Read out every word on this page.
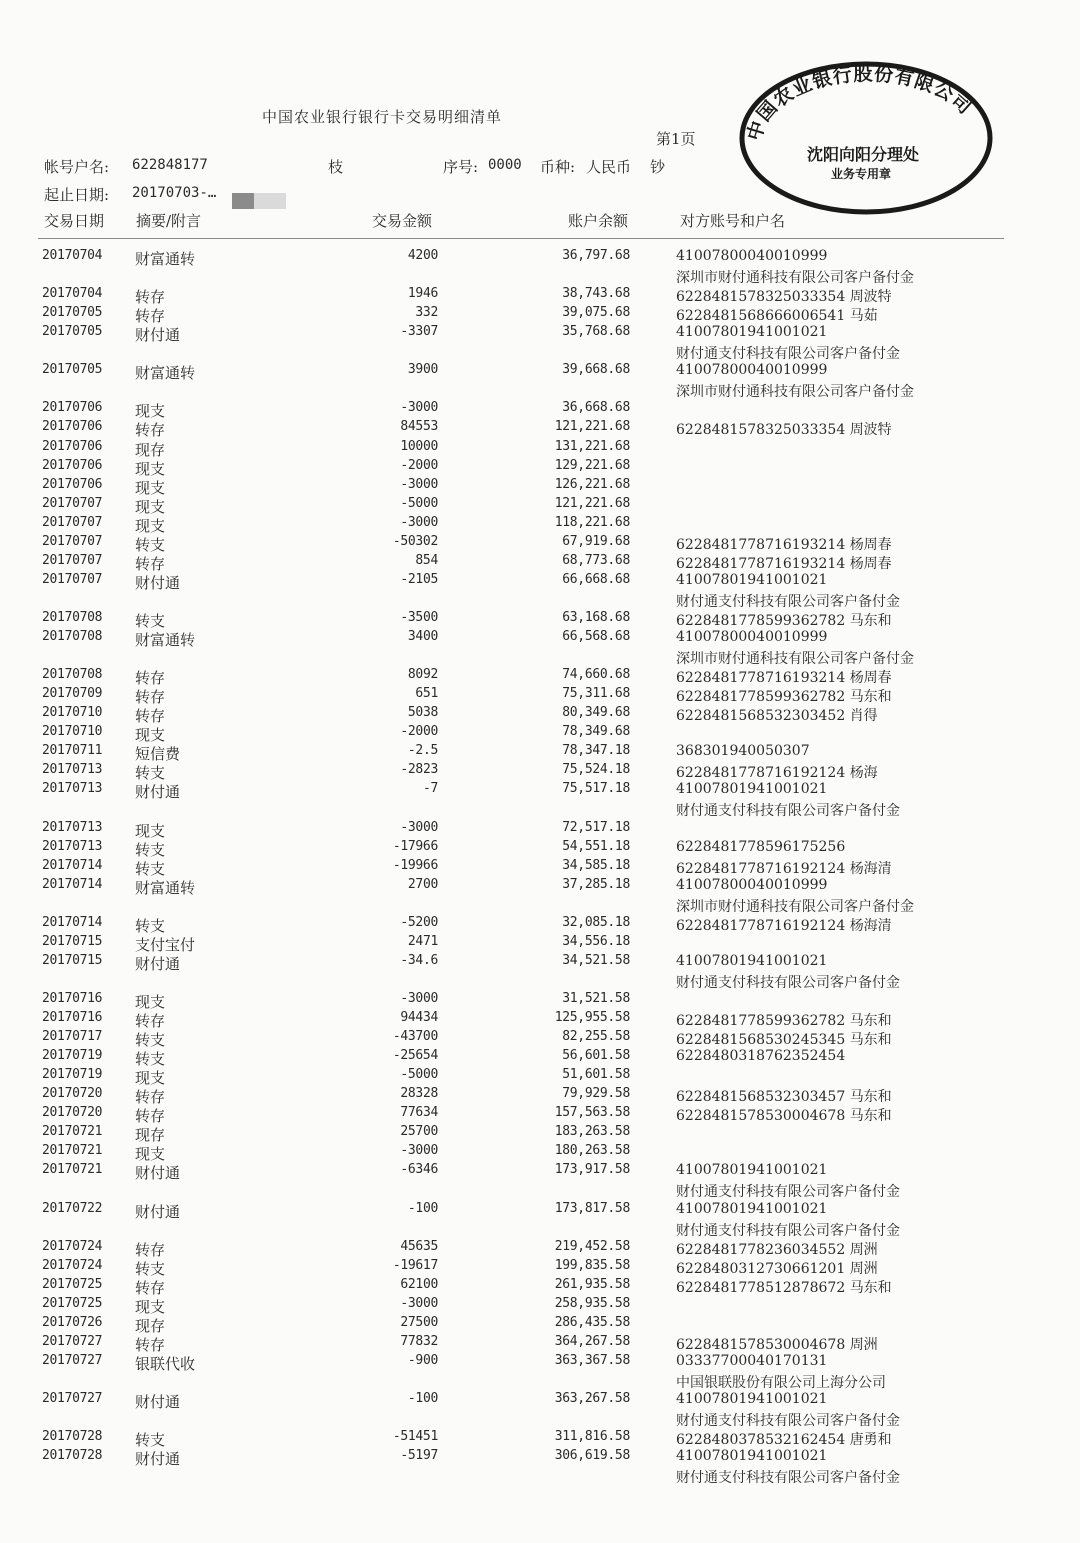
中国农业银行银行卡交易明细清单
第1页
帐号户名: 622848177	枝	序号: 0000 币种: 人民币 钞
起止日期: 20170703-…
交易日期 摘要/附言	交易金额	账户余额	对方账号和户名
20170704 财富通转	4200	36,797.68	41007800040010999
深圳市财付通科技有限公司客户备付金
20170704 转存	1946	38,743.68	6228481578325033354 周波特
20170705 转存	332	39,075.68	6228481568666006541 马茹
20170705 财付通	-3307	35,768.68	41007801941001021
财付通支付科技有限公司客户备付金
20170705 财富通转	3900	39,668.68	41007800040010999
深圳市财付通科技有限公司客户备付金
20170706 现支	-3000	36,668.68
20170706 转存	84553	121,221.68	6228481578325033354 周波特
20170706 现存	10000	131,221.68
20170706 现支	-2000	129,221.68
20170706 现支	-3000	126,221.68
20170707 现支	-5000	121,221.68
20170707 现支	-3000	118,221.68
20170707 转支	-50302	67,919.68	6228481778716193214 杨周春
20170707 转存	854	68,773.68	6228481778716193214 杨周春
20170707 财付通	-2105	66,668.68	41007801941001021
财付通支付科技有限公司客户备付金
20170708 转支	-3500	63,168.68	6228481778599362782 马东和
20170708 财富通转	3400	66,568.68	41007800040010999
深圳市财付通科技有限公司客户备付金
20170708 转存	8092	74,660.68	6228481778716193214 杨周春
20170709 转存	651	75,311.68	6228481778599362782 马东和
20170710 转存	5038	80,349.68	6228481568532303452 肖得
20170710 现支	-2000	78,349.68
20170711 短信费	-2.5	78,347.18	368301940050307
20170713 转支	-2823	75,524.18	6228481778716192124 杨海
20170713 财付通	-7	75,517.18	41007801941001021
财付通支付科技有限公司客户备付金
20170713 现支	-3000	72,517.18
20170713 转支	-17966	54,551.18	6228481778596175256
20170714 转支	-19966	34,585.18	6228481778716192124 杨海清
20170714 财富通转	2700	37,285.18	41007800040010999
深圳市财付通科技有限公司客户备付金
20170714 转支	-5200	32,085.18	6228481778716192124 杨海清
20170715 支付宝付	2471	34,556.18
20170715 财付通	-34.6	34,521.58	41007801941001021
财付通支付科技有限公司客户备付金
20170716 现支	-3000	31,521.58
20170716 转存	94434	125,955.58	6228481778599362782 马东和
20170717 转支	-43700	82,255.58	6228481568530245345 马东和
20170719 转支	-25654	56,601.58	6228480318762352454
20170719 现支	-5000	51,601.58
20170720 转存	28328	79,929.58	6228481568532303457 马东和
20170720 转存	77634	157,563.58	6228481578530004678 马东和
20170721 现存	25700	183,263.58
20170721 现支	-3000	180,263.58
20170721 财付通	-6346	173,917.58	41007801941001021
财付通支付科技有限公司客户备付金
20170722 财付通	-100	173,817.58	41007801941001021
财付通支付科技有限公司客户备付金
20170724 转存	45635	219,452.58	6228481778236034552 周洲
20170724 转支	-19617	199,835.58	6228480312730661201 周洲
20170725 转存	62100	261,935.58	6228481778512878672 马东和
20170725 现支	-3000	258,935.58
20170726 现存	27500	286,435.58
20170727 转存	77832	364,267.58	6228481578530004678 周洲
20170727 银联代收	-900	363,367.58	03337700040170131
中国银联股份有限公司上海分公司
20170727 财付通	-100	363,267.58	41007801941001021
财付通支付科技有限公司客户备付金
20170728 转支	-51451	311,816.58	6228480378532162454 唐勇和
20170728 财付通	-5197	306,619.58	41007801941001021
财付通支付科技有限公司客户备付金
中国农业银行股份有限公司
沈阳向阳分理处
业务专用章
